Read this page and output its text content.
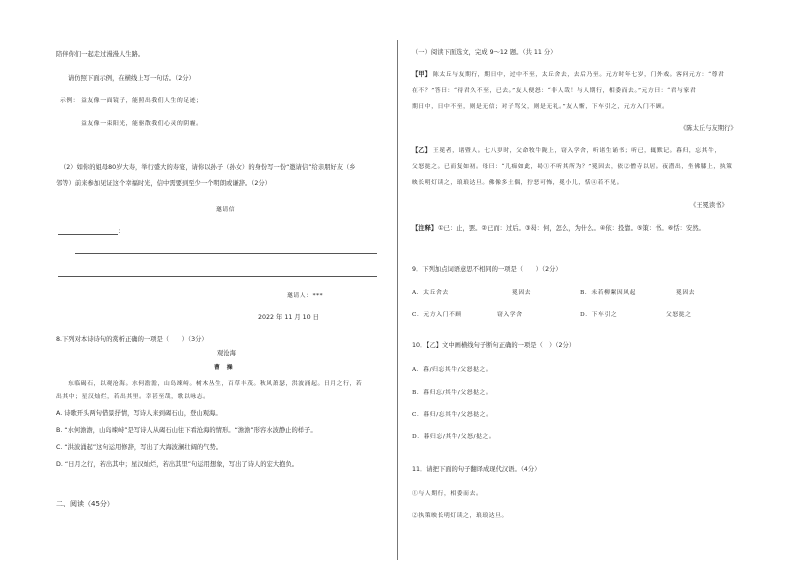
陪伴你们一起走过漫漫人生路。
请仿照下面示例，在横线上写一句话。（2分）
示例： 益友像一面镜子，能照出我们人生的足迹；
益友像一束阳光，能驱散我们心灵的阴霾。
（2）如你的姐母80岁大寿，举行盛大的寿宴，请你以孙子（孙女）的身份写一份“邀请信”给亲朋好友（乡
邻等）前来参加见证这个幸福时光，信中需要到至少一个明朗或谦辞。（2分）
邀请信
：
邀请人：***
2022 年 11 月 10 日
8.下列对本诗诗句的赏析正确的一项是（　　）（3分）
观沧海
曹　操
东临碣石，以观沧海。水何澹澹，山岛竦峙。树木丛生，百草丰茂。秋风萧瑟，洪波涌起。日月之行，若
出其中；星汉灿烂，若出其里。幸甚至哉，歌以咏志。
A. 诗歌开头两句借景抒情，写诗人来到碣石山，登山观海。
B. “水何澹澹，山岛竦峙”是写诗人从碣石山往下看沧海的情形。“澹澹”形容水波静止的样子。
C. “洪波涌起”这句运用修辞，写出了大海波澜壮阔的气势。
D. “日月之行，若出其中；星汉灿烂，若出其里”句运用想象，写出了诗人的宏大抱负。
二、阅读（45分）
（一）阅读下面选文，完成 9～12 题。（共 11 分）
【甲】 陈太丘与友期行，期日中，过中不至，太丘舍去，去后乃至。元方时年七岁，门外戏。客问元方：“尊君
在不？”答曰：“待君久不至，已去。”友人便怒：“非人哉！与人期行，相委而去。”元方曰：“君与家君
期日中，日中不至，则是无信；对子骂父，则是无礼。”友人惭，下车引之，元方入门不顾。
《陈太丘与友期行》
【乙】 王冕者，诸暨人。七八岁时，父命牧牛陇上，窃入学舍，听诸生诵书；听已，辄默记。暮归，忘其牛，
父怒挞之。已而复如初。母曰：“儿痴如此，曷①不听其所为？”冕因去，依②僧寺以居。夜潜出，坐佛膝上，执策
映长明灯读之，琅琅达旦。佛像多土偶，狞恶可怖，冕小儿，恬④若不见。
《王冕读书》
【注释】 ①已：止，罢。②已而：过后。③曷：何，怎么，为什么。④依：投靠。⑤策：书。⑥恬：安然。
9．下列加点词语意思不相同的一项是（　　）（2分）
A．太丘舍去	冕因去	B．未若柳絮因风起	冕因去
C．元方入门不顾	窃入学舍	D．下车引之	父怒挞之
10．【乙】文中画横线句子断句正确的一项是（　）（2分）
A．暮/归忘其牛/父怒挞之。
B．暮归忘/其牛/父怒挞之。
C．暮归/忘其牛/父怒挞之。
D．暮归忘/其牛/父怒/挞之。
11．请把下面的句子翻译成现代汉语。（4分）
①与人期行，相委而去。
②执策映长明灯读之，琅琅达旦。
